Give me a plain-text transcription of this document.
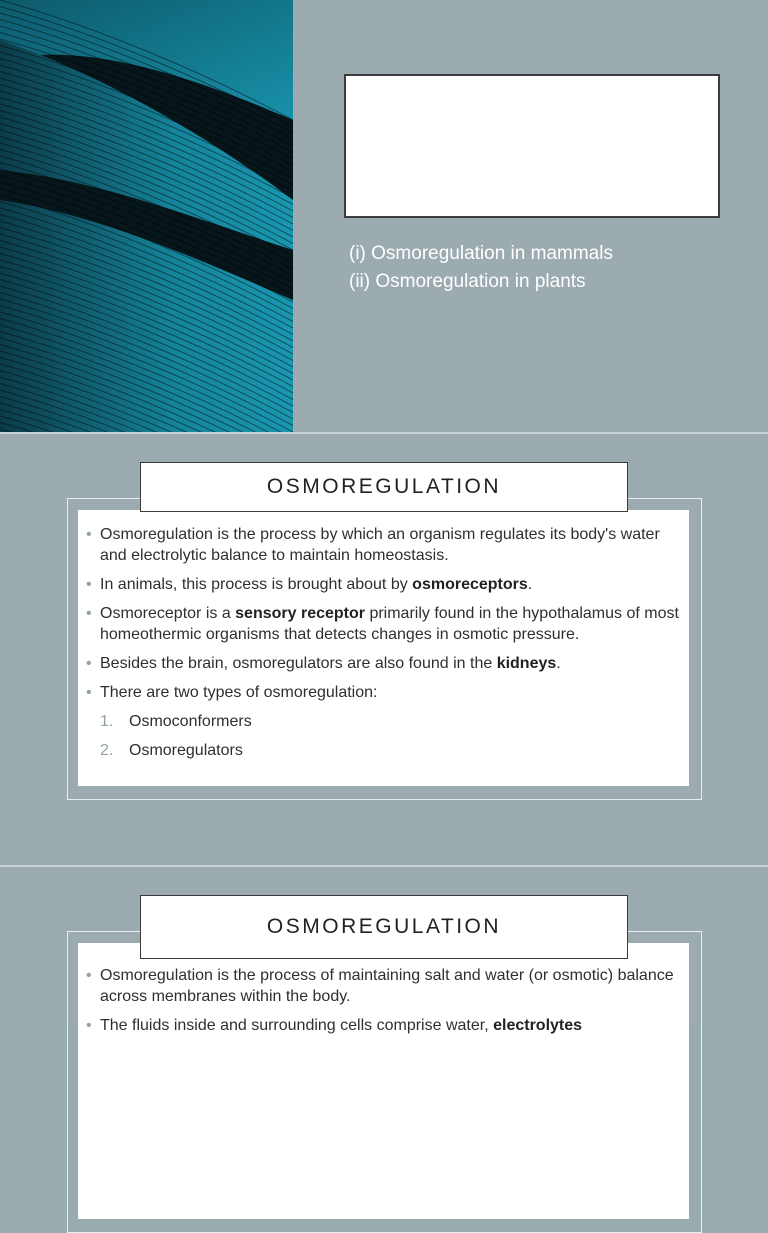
(i) Osmoregulation in mammals
(ii) Osmoregulation in plants
• Osmoregulation is the process by which an organism regulates its body's water and electrolytic balance to maintain homeostasis.
• In animals, this process is brought about by osmoreceptors.
• Osmoreceptor is a sensory receptor primarily found in the hypothalamus of most homeothermic organisms that detects changes in osmotic pressure.
• Besides the brain, osmoregulators are also found in the kidneys.
• There are two types of osmoregulation:
1. Osmoconformers
2. Osmoregulators
OSMOREGULATION
• Osmoregulation is the process of maintaining salt and water (or osmotic) balance across membranes within the body.
• The fluids inside and surrounding cells comprise water, electrolytes
OSMOREGULATION
